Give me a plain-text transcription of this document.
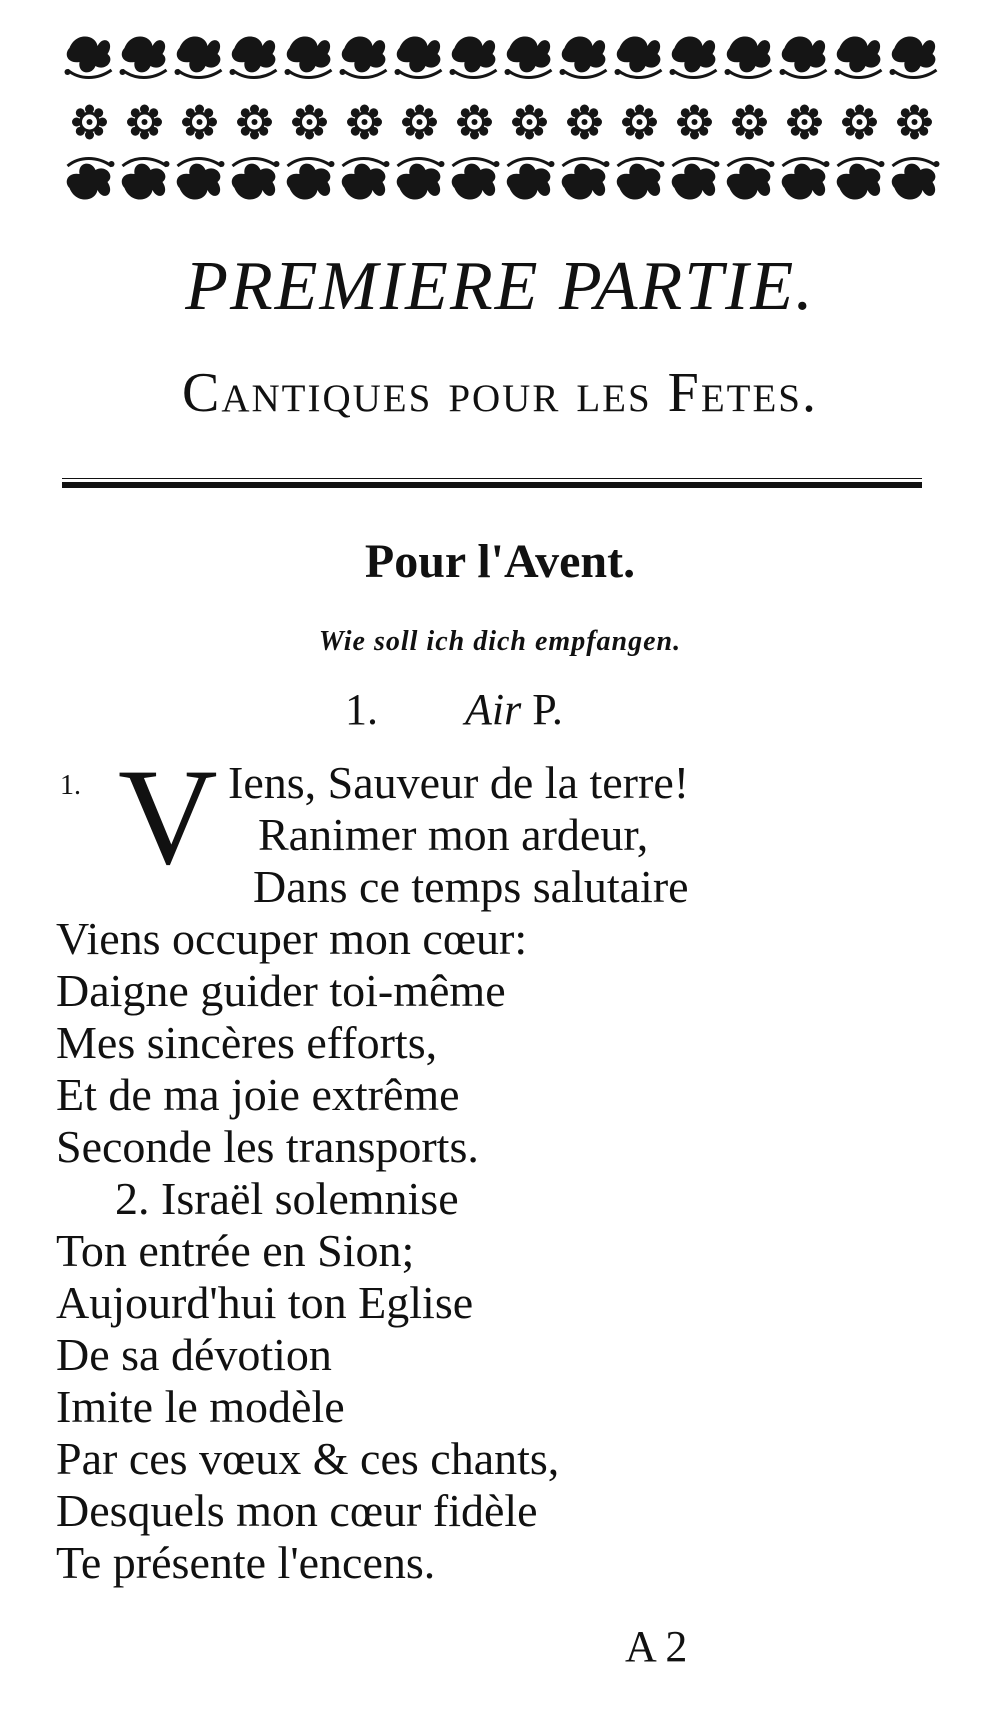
PREMIERE PARTIE.
Cantiques pour les Fetes.
Pour l'Avent.
Wie soll ich dich empfangen.
1. Air P.
1. V Iens, Sauveur de la terre!
Ranimer mon ardeur,
Dans ce temps salutaire
Viens occuper mon cœur:
Daigne guider toi-même
Mes sincères efforts,
Et de ma joie extrême
Seconde les transports.
2. Israël solemnise
Ton entrée en Sion;
Aujourd'hui ton Eglise
De sa dévotion
Imite le modèle
Par ces vœux & ces chants,
Desquels mon cœur fidèle
Te présente l'encens.
A 2
